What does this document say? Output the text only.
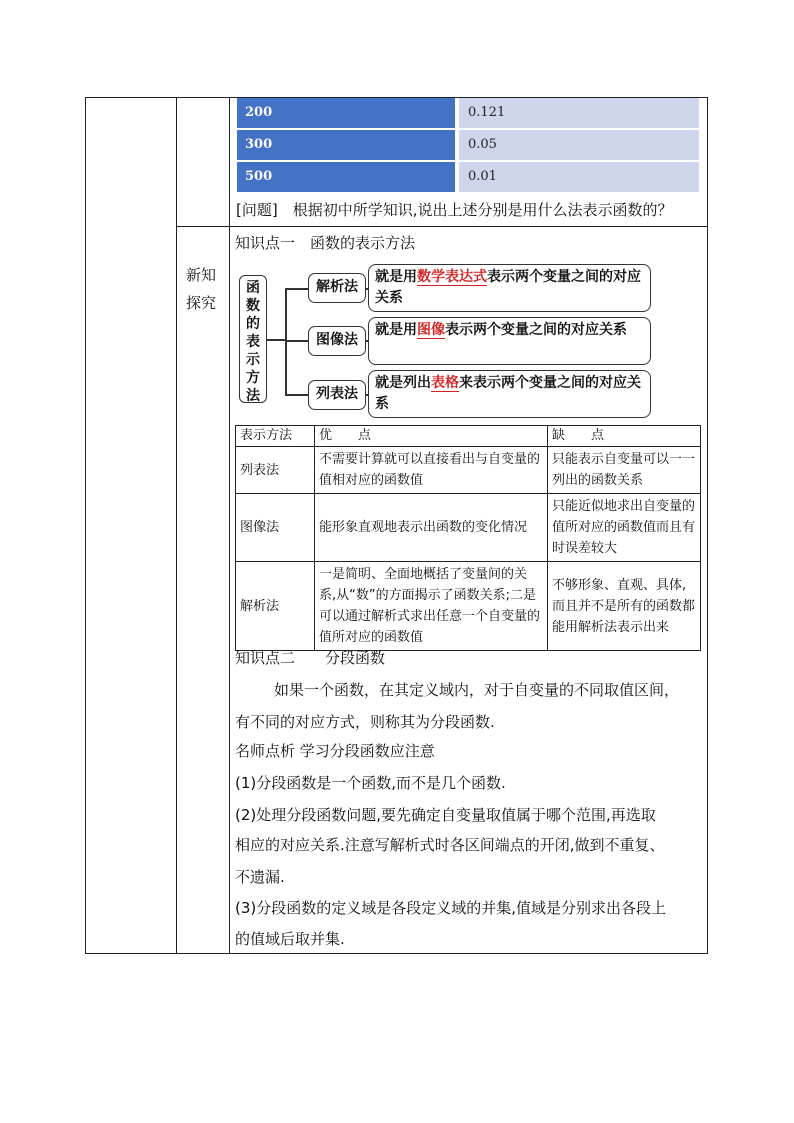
200	0.121
300	0.05
500	0.01
[问题]　根据初中所学知识,说出上述分别是用什么法表示函数的？
新知
探究
知识点一　函数的表示方法
函数的表示方法
解析法
图像法
列表法
就是用数学表达式表示两个变量之间的对应关系
就是用图像表示两个变量之间的对应关系
就是列出表格来表示两个变量之间的对应关系
表示方法	优　　点	缺　　点
列表法	不需要计算就可以直接看出与自变量的值相对应的函数值	只能表示自变量可以一一列出的函数关系
图像法	能形象直观地表示出函数的变化情况	只能近似地求出自变量的值所对应的函数值而且有时误差较大
解析法	一是简明、全面地概括了变量间的关系,从“数”的方面揭示了函数关系;二是可以通过解析式求出任意一个自变量的值所对应的函数值	不够形象、直观、具体,而且并不是所有的函数都能用解析法表示出来
知识点二　　分段函数
如果一个函数，在其定义域内，对于自变量的不同取值区间，
有不同的对应方式，则称其为分段函数.
名师点析 学习分段函数应注意
(1)分段函数是一个函数,而不是几个函数.
(2)处理分段函数问题,要先确定自变量取值属于哪个范围,再选取
相应的对应关系.注意写解析式时各区间端点的开闭,做到不重复、
不遗漏.
(3)分段函数的定义域是各段定义域的并集,值域是分别求出各段上
的值域后取并集.
